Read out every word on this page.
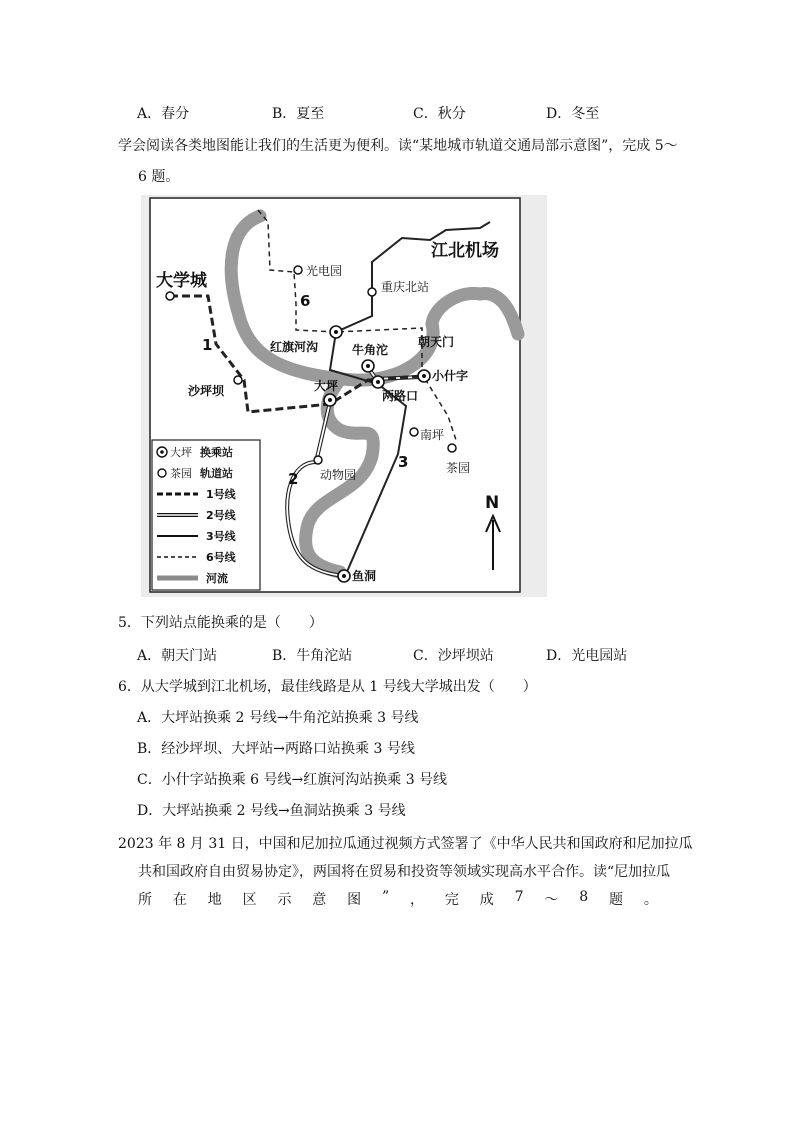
A．春分	B．夏至	C．秋分	D．冬至
学会阅读各类地图能让我们的生活更为便利。读“某地城市轨道交通局部示意图”，完成 5～
6 题。
江北机场
大学城	光电园
重庆北站
红旗河沟	牛角沱
朝天门
小什字
沙坪坝	大坪
两路口
南坪
茶园
动物园
鱼洞
1
2
3
6
N
大坪 换乘站
茶园 轨道站
1号线
2号线
3号线
6号线
河流
5．下列站点能换乘的是（　　）
A．朝天门站	B．牛角沱站	C．沙坪坝站	D．光电园站
6．从大学城到江北机场，最佳线路是从 1 号线大学城出发（　　）
A．大坪站换乘 2 号线→牛角沱站换乘 3 号线
B．经沙坪坝、大坪站→两路口站换乘 3 号线
C．小什字站换乘 6 号线→红旗河沟站换乘 3 号线
D．大坪站换乘 2 号线→鱼洞站换乘 3 号线
2023 年 8 月 31 日，中国和尼加拉瓜通过视频方式签署了《中华人民共和国政府和尼加拉瓜
共和国政府自由贸易协定》，两国将在贸易和投资等领域实现高水平合作。读“尼加拉瓜
所 在 地 区 示 意 图 ” ， 完 成 7 ～ 8 题 。
